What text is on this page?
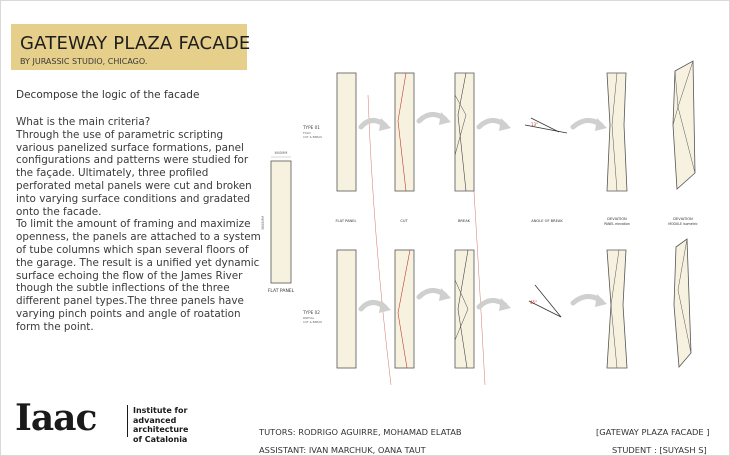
GATEWAY PLAZA FACADE
BY JURASSIC STUDIO, CHICAGO.
Decompose the logic of the facade

What is the main criteria?

Through the use of parametric scripting various panelized surface formations, panel configurations and patterns were studied for the façade. Ultimately, three profiled perforated metal panels were cut and broken into varying surface conditions and gradated onto the facade.

To limit the amount of framing and maximize openness, the panels are attached to a system of tube columns which span several floors of the garage. The result is a unified yet dynamic surface echoing the flow of the James River though the subtle inflections of the three different panel types.The three panels have varying pinch points and angle of roatation form the point.

600MM
3600MM
FLAT PANEL
TYPE 01
FOLD
CUT & BREAK
TYPE 02
PARTIAL
CUT & BREAK
13°
FLAT PANEL	CUT	BREAK	ANGLE OF BREAK	DEVIATION
PANEL elevation
DEVIATION
MODULE isometric
45°
Iaac	Institute for
advanced
architecture
of Catalonia
TUTORS: RODRIGO AGUIRRE, MOHAMAD ELATAB
ASSISTANT: IVAN MARCHUK, OANA TAUT
[GATEWAY PLAZA FACADE ]
STUDENT : [SUYASH S]
